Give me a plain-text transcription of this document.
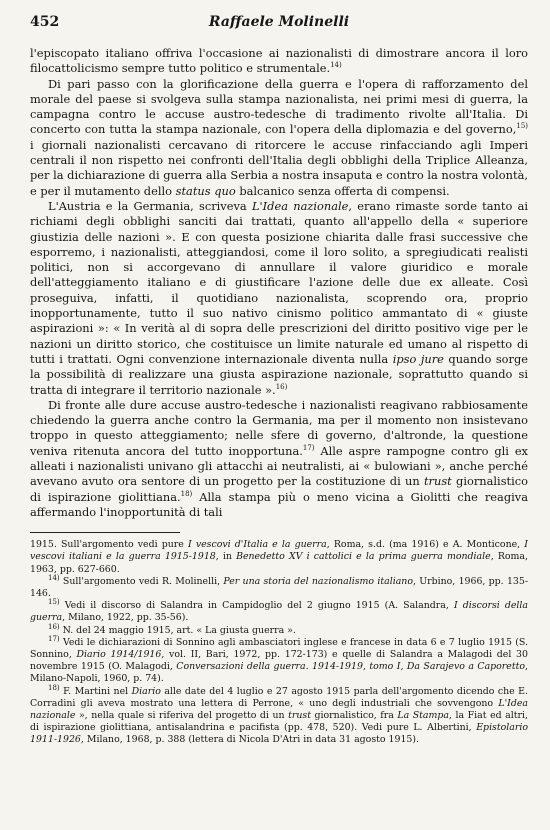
452	Raffaele Molinelli

l'episcopato italiano offriva l'occasione ai nazionalisti di dimostrare ancora il loro filocattolicismo sempre tutto politico e strumentale.$^{14)}$

Di pari passo con la glorificazione della guerra e l'opera di rafforzamento del morale del paese si svolgeva sulla stampa nazionalista, nei primi mesi di guerra, la campagna contro le accuse austro-tedesche di tradimento rivolte all'Italia. Di concerto con tutta la stampa nazionale, con l'opera della diplomazia e del governo,$^{15)}$ i giornali nazionalisti cercavano di ritorcere le accuse rinfacciando agli Imperi centrali il non rispetto nei confronti dell'Italia degli obblighi della Triplice Alleanza, per la dichiarazione di guerra alla Serbia a nostra insaputa e contro la nostra volontà, e per il mutamento dello status quo balcanico senza offerta di compensi.

L'Austria e la Germania, scriveva L'Idea nazionale, erano rimaste sorde tanto ai richiami degli obblighi sanciti dai trattati, quanto all'appello della « superiore giustizia delle nazioni ». E con questa posizione chiarita dalle frasi successive che esporremo, i nazionalisti, atteggiandosi, come il loro solito, a spregiudicati realisti politici, non si accorgevano di annullare il valore giuridico e morale dell'atteggiamento italiano e di giustificare l'azione delle due ex alleate. Così proseguiva, infatti, il quotidiano nazionalista, scoprendo ora, proprio inopportunamente, tutto il suo nativo cinismo politico ammantato di « giuste aspirazioni »: « In verità al di sopra delle prescrizioni del diritto positivo vige per le nazioni un diritto storico, che costituisce un limite naturale ed umano al rispetto di tutti i trattati. Ogni convenzione internazionale diventa nulla ipso jure quando sorge la possibilità di realizzare una giusta aspirazione nazionale, soprattutto quando si tratta di integrare il territorio nazionale ».$^{16)}$

Di fronte alle dure accuse austro-tedesche i nazionalisti reagivano rabbiosamente chiedendo la guerra anche contro la Germania, ma per il momento non insistevano troppo in questo atteggiamento; nelle sfere di governo, d'altronde, la questione veniva ritenuta ancora del tutto inopportuna.$^{17)}$ Alle aspre rampogne contro gli ex alleati i nazionalisti univano gli attacchi ai neutralisti, ai « bulowiani », anche perché avevano avuto ora sentore di un progetto per la costituzione di un trust giornalistico di ispirazione giolittiana.$^{18)}$ Alla stampa più o meno vicina a Giolitti che reagiva affermando l'inopportunità di tali

1915. Sull'argomento vedi pure I vescovi d'Italia e la guerra, Roma, s.d. (ma 1916) e A. Monticone, I vescovi italiani e la guerra 1915-1918, in Benedetto XV i cattolici e la prima guerra mondiale, Roma, 1963, pp. 627-660.

$^{14)}$ Sull'argomento vedi R. Molinelli, Per una storia del nazionalismo italiano, Urbino, 1966, pp. 135-146.

$^{15)}$ Vedi il discorso di Salandra in Campidoglio del 2 giugno 1915 (A. Salandra, I discorsi della guerra, Milano, 1922, pp. 35-56).

$^{16)}$ N. del 24 maggio 1915, art. « La giusta guerra ».

$^{17)}$ Vedi le dichiarazioni di Sonnino agli ambasciatori inglese e francese in data 6 e 7 luglio 1915 (S. Sonnino, Diario 1914/1916, vol. II, Bari, 1972, pp. 172-173) e quelle di Salandra a Malagodi del 30 novembre 1915 (O. Malagodi, Conversazioni della guerra. 1914-1919, tomo I, Da Sarajevo a Caporetto, Milano-Napoli, 1960, p. 74).

$^{18)}$ F. Martini nel Diario alle date del 4 luglio e 27 agosto 1915 parla dell'argomento dicendo che E. Corradini gli aveva mostrato una lettera di Perrone, « uno degli industriali che sovvengono L'Idea nazionale », nella quale si riferiva del progetto di un trust giornalistico, fra La Stampa, la Fiat ed altri, di ispirazione giolittiana, antisalandrina e pacifista (pp. 478, 520). Vedi pure L. Albertini, Epistolario 1911-1926, Milano, 1968, p. 388 (lettera di Nicola D'Atri in data 31 agosto 1915).
